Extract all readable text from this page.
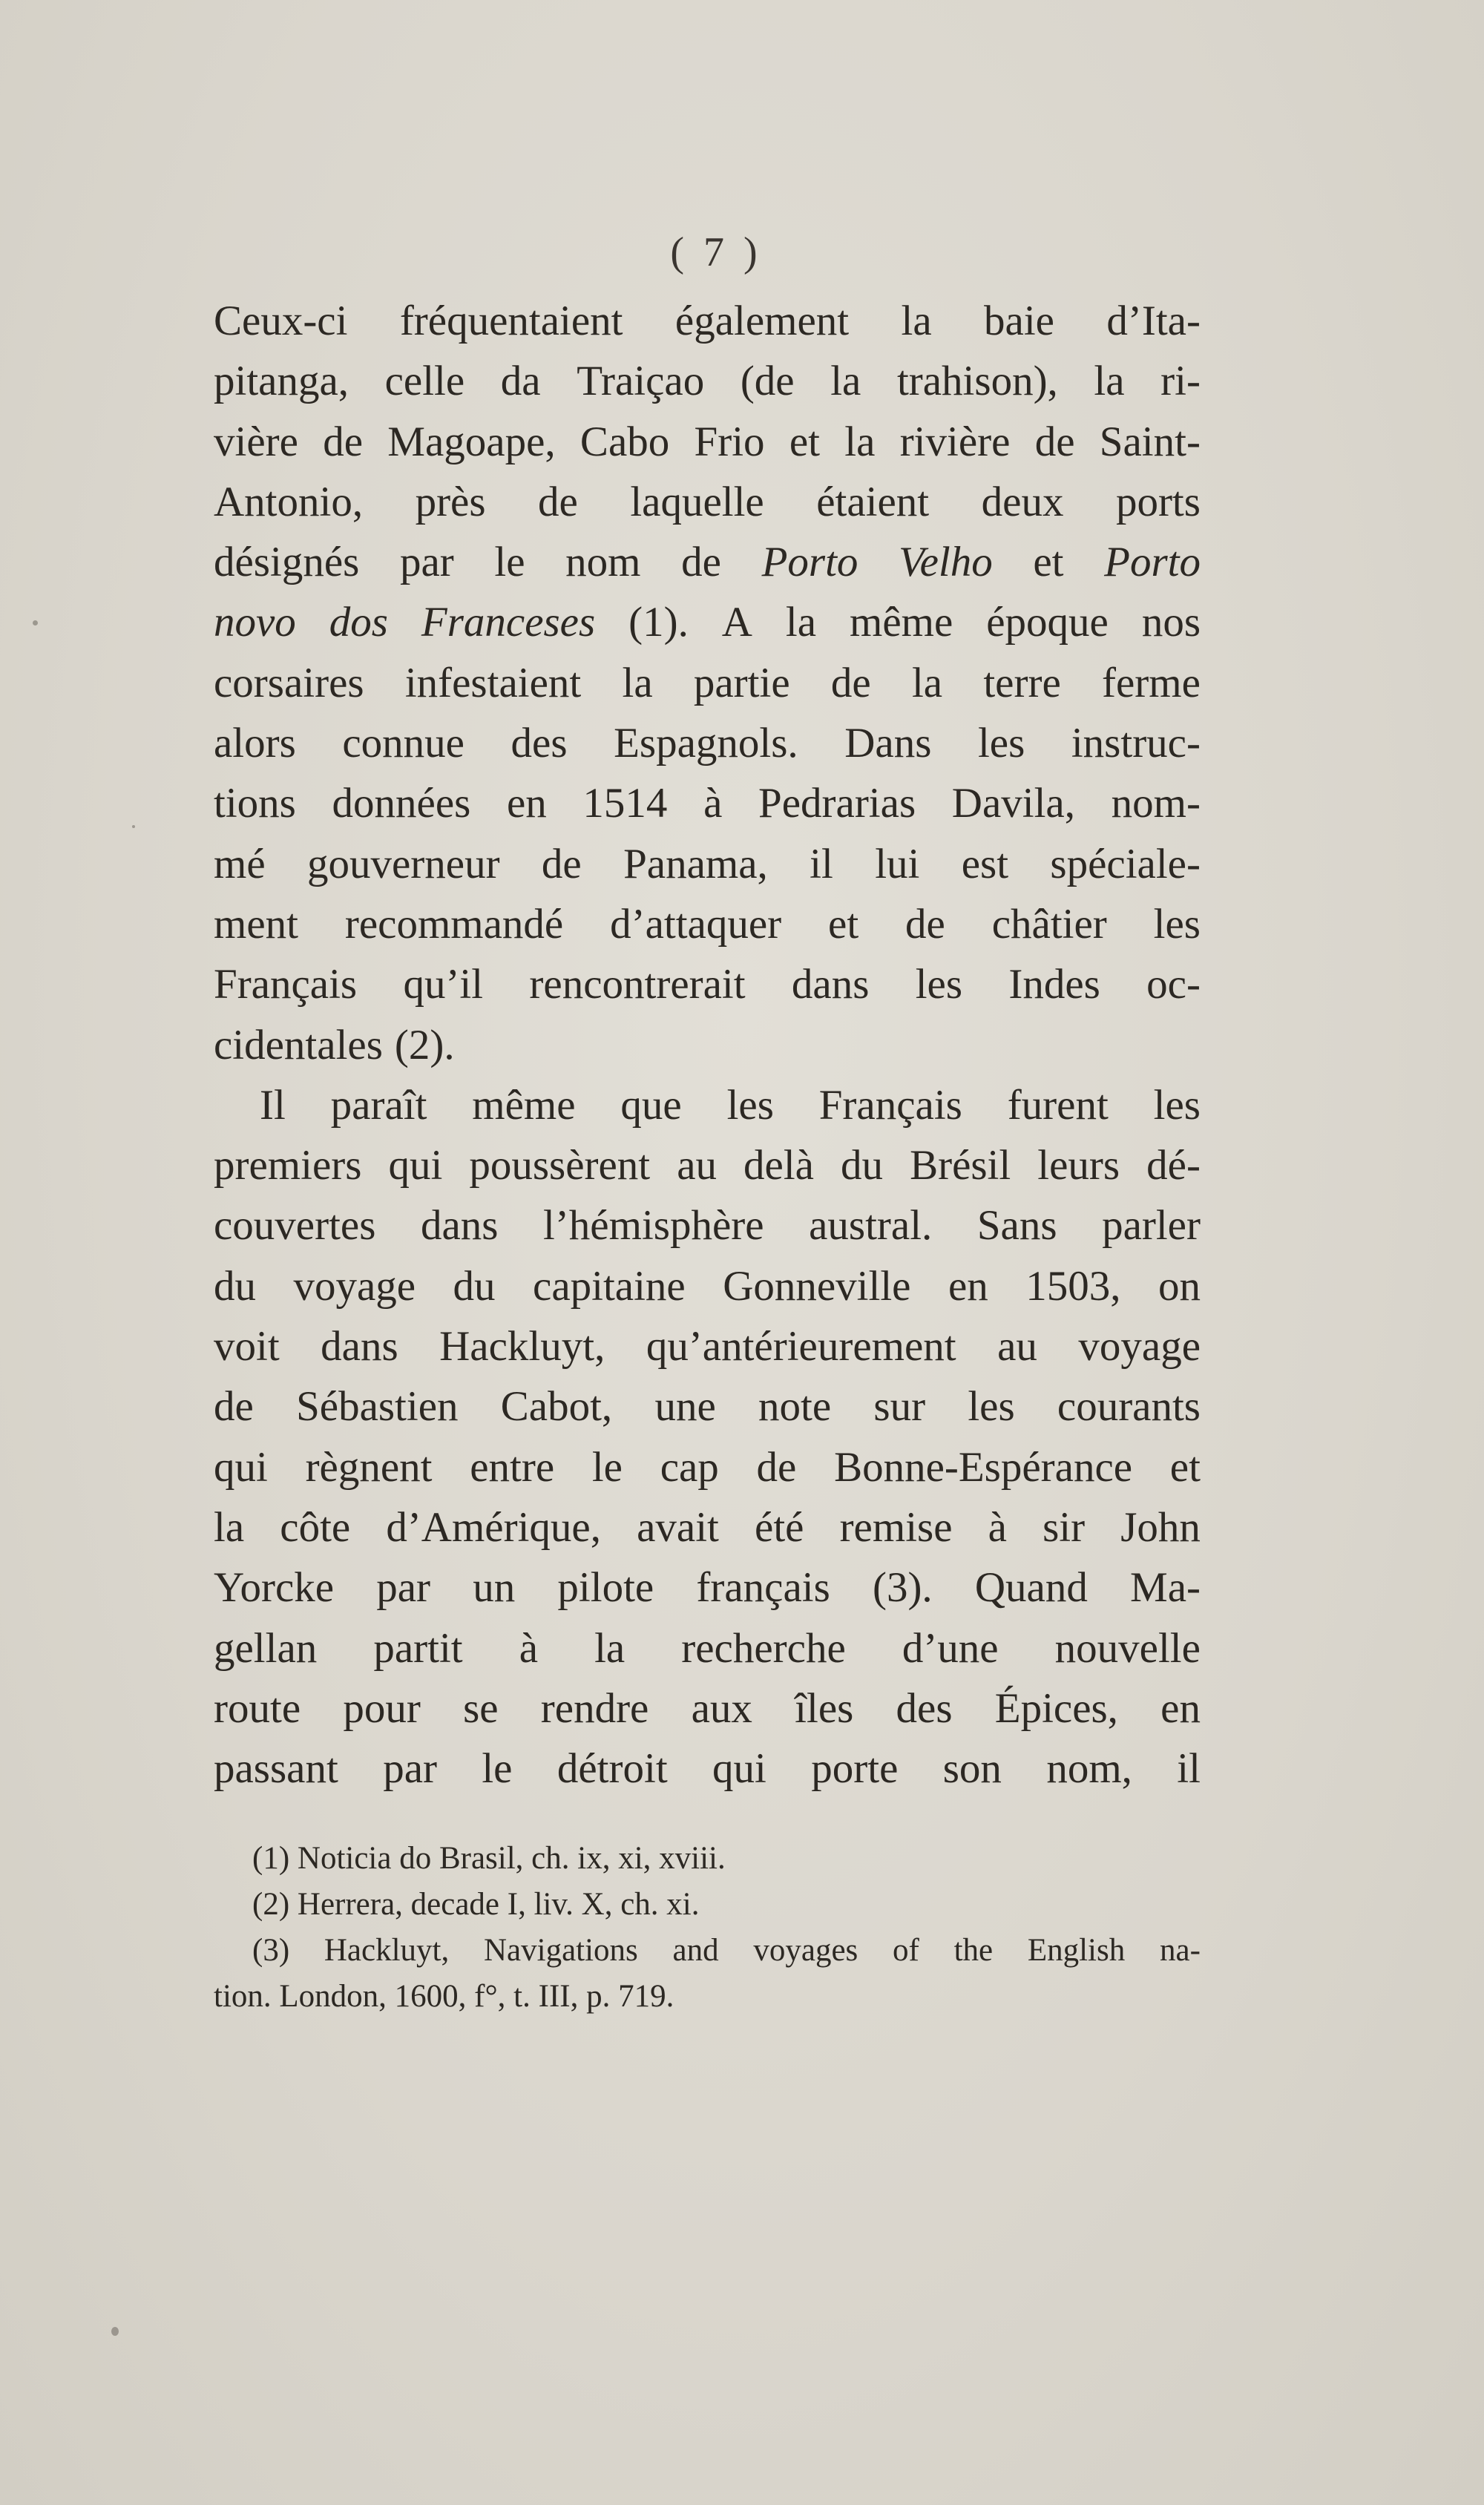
( 7 )
Ceux-ci fréquentaient également la baie d’Ita-
pitanga, celle da Traiçao (de la trahison), la ri-
vière de Magoape, Cabo Frio et la rivière de Saint-
Antonio, près de laquelle étaient deux ports
désignés par le nom de Porto Velho et Porto
novo dos Franceses (1). A la même époque nos
corsaires infestaient la partie de la terre ferme
alors connue des Espagnols. Dans les instruc-
tions données en 1514 à Pedrarias Davila, nom-
mé gouverneur de Panama, il lui est spéciale-
ment recommandé d’attaquer et de châtier les
Français qu’il rencontrerait dans les Indes oc-
cidentales (2).
Il paraît même que les Français furent les
premiers qui poussèrent au delà du Brésil leurs dé-
couvertes dans l’hémisphère austral. Sans parler
du voyage du capitaine Gonneville en 1503, on
voit dans Hackluyt, qu’antérieurement au voyage
de Sébastien Cabot, une note sur les courants
qui règnent entre le cap de Bonne-Espérance et
la côte d’Amérique, avait été remise à sir John
Yorcke par un pilote français (3). Quand Ma-
gellan partit à la recherche d’une nouvelle
route pour se rendre aux îles des Épices, en
passant par le détroit qui porte son nom, il
(1) Noticia do Brasil, ch. ix, xi, xviii.
(2) Herrera, decade I, liv. X, ch. xi.
(3) Hackluyt, Navigations and voyages of the English na-
tion. London, 1600, f°, t. III, p. 719.
